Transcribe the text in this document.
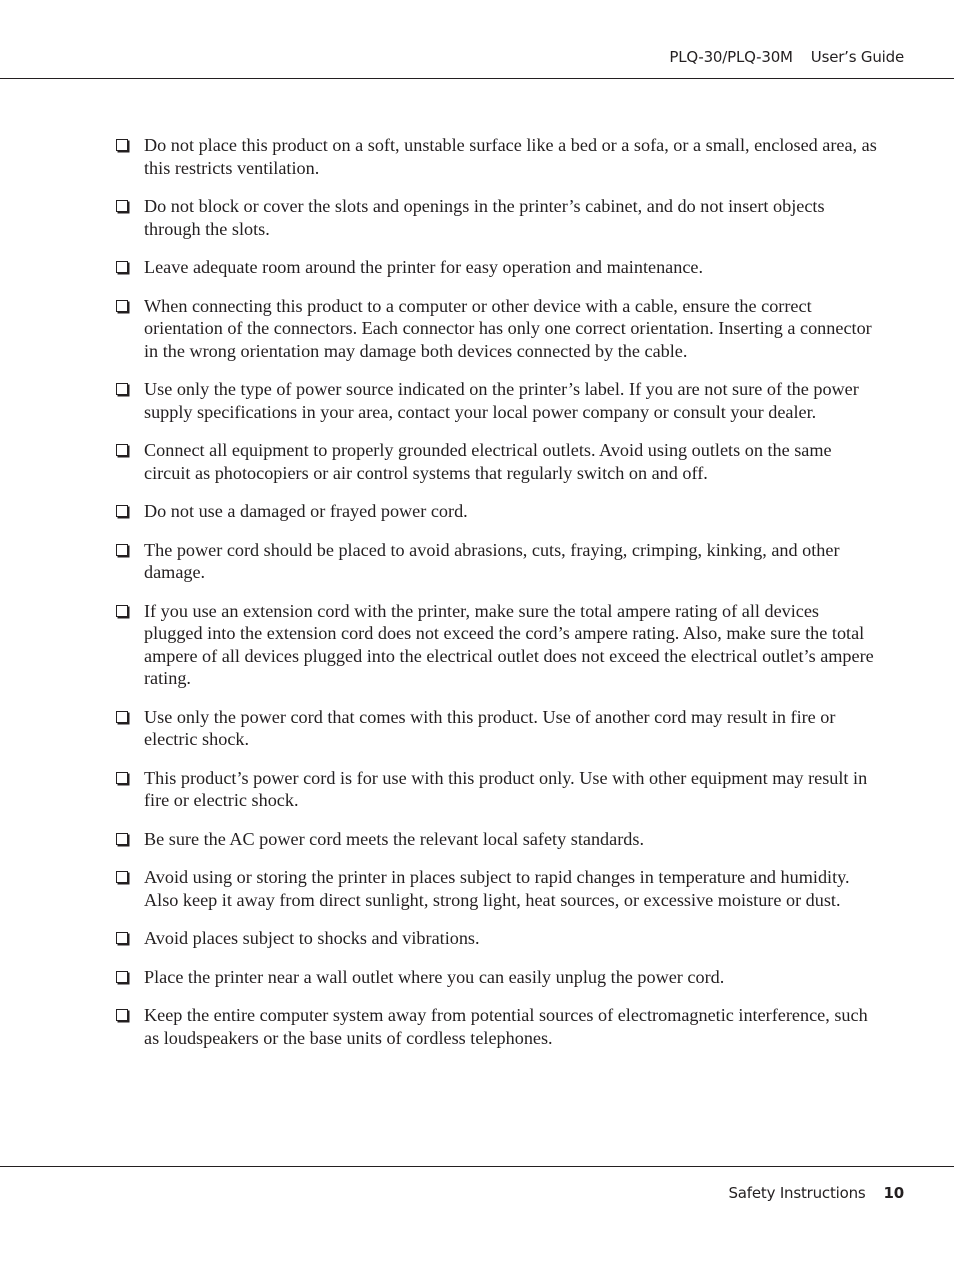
PLQ-30/PLQ-30M User’s Guide
Do not place this product on a soft, unstable surface like a bed or a sofa, or a small, enclosed area, as this restricts ventilation.
Do not block or cover the slots and openings in the printer’s cabinet, and do not insert objects through the slots.
Leave adequate room around the printer for easy operation and maintenance.
When connecting this product to a computer or other device with a cable, ensure the correct orientation of the connectors. Each connector has only one correct orientation. Inserting a connector in the wrong orientation may damage both devices connected by the cable.
Use only the type of power source indicated on the printer’s label. If you are not sure of the power supply specifications in your area, contact your local power company or consult your dealer.
Connect all equipment to properly grounded electrical outlets. Avoid using outlets on the same circuit as photocopiers or air control systems that regularly switch on and off.
Do not use a damaged or frayed power cord.
The power cord should be placed to avoid abrasions, cuts, fraying, crimping, kinking, and other damage.
If you use an extension cord with the printer, make sure the total ampere rating of all devices plugged into the extension cord does not exceed the cord’s ampere rating. Also, make sure the total ampere of all devices plugged into the electrical outlet does not exceed the electrical outlet’s ampere rating.
Use only the power cord that comes with this product. Use of another cord may result in fire or electric shock.
This product’s power cord is for use with this product only. Use with other equipment may result in fire or electric shock.
Be sure the AC power cord meets the relevant local safety standards.
Avoid using or storing the printer in places subject to rapid changes in temperature and humidity. Also keep it away from direct sunlight, strong light, heat sources, or excessive moisture or dust.
Avoid places subject to shocks and vibrations.
Place the printer near a wall outlet where you can easily unplug the power cord.
Keep the entire computer system away from potential sources of electromagnetic interference, such as loudspeakers or the base units of cordless telephones.
Safety Instructions 10
